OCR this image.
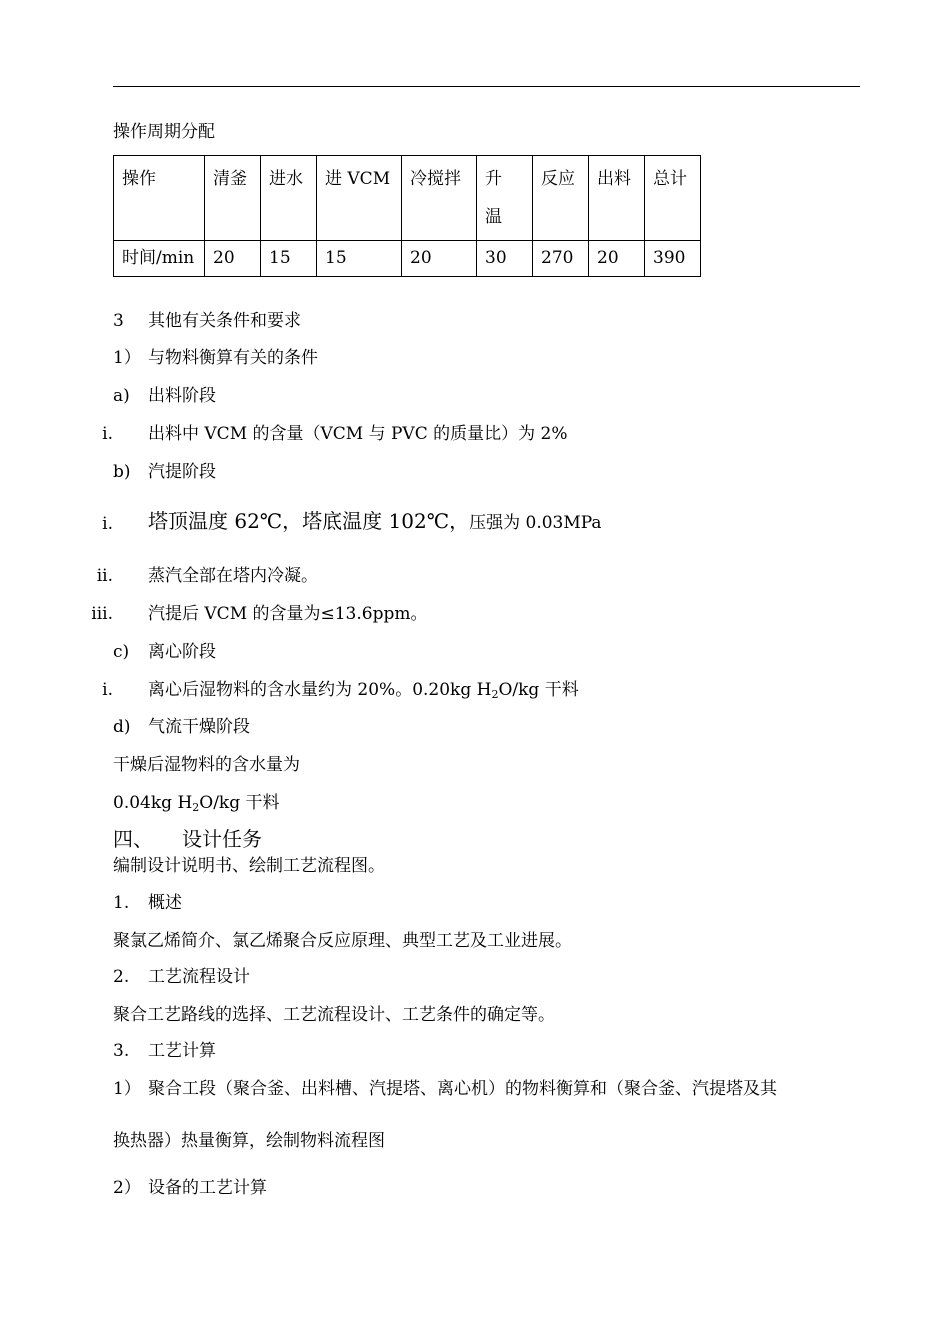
操作周期分配
操作	清釜	进水	进 VCM	冷搅拌	升温	反应	出料	总计
时间/min	20	15	15	20	30	270	20	390
3 其他有关条件和要求
1） 与物料衡算有关的条件
a) 出料阶段
i. 出料中 VCM 的含量（VCM 与 PVC 的质量比）为 2%
b) 汽提阶段
i. 塔顶温度 62℃，塔底温度 102℃，压强为 0.03MPa
ii. 蒸汽全部在塔内冷凝。
iii. 汽提后 VCM 的含量为≤13.6ppm。
c) 离心阶段
i. 离心后湿物料的含水量约为 20%。0.20kg $H_2O/kg$ 干料
d) 气流干燥阶段
干燥后湿物料的含水量为
0.04kg $H_2O/kg$ 干料
四、 设计任务
编制设计说明书、绘制工艺流程图。
1. 概述
聚氯乙烯简介、氯乙烯聚合反应原理、典型工艺及工业进展。
2. 工艺流程设计
聚合工艺路线的选择、工艺流程设计、工艺条件的确定等。
3. 工艺计算
1） 聚合工段（聚合釜、出料槽、汽提塔、离心机）的物料衡算和（聚合釜、汽提塔及其
换热器）热量衡算，绘制物料流程图
2） 设备的工艺计算
